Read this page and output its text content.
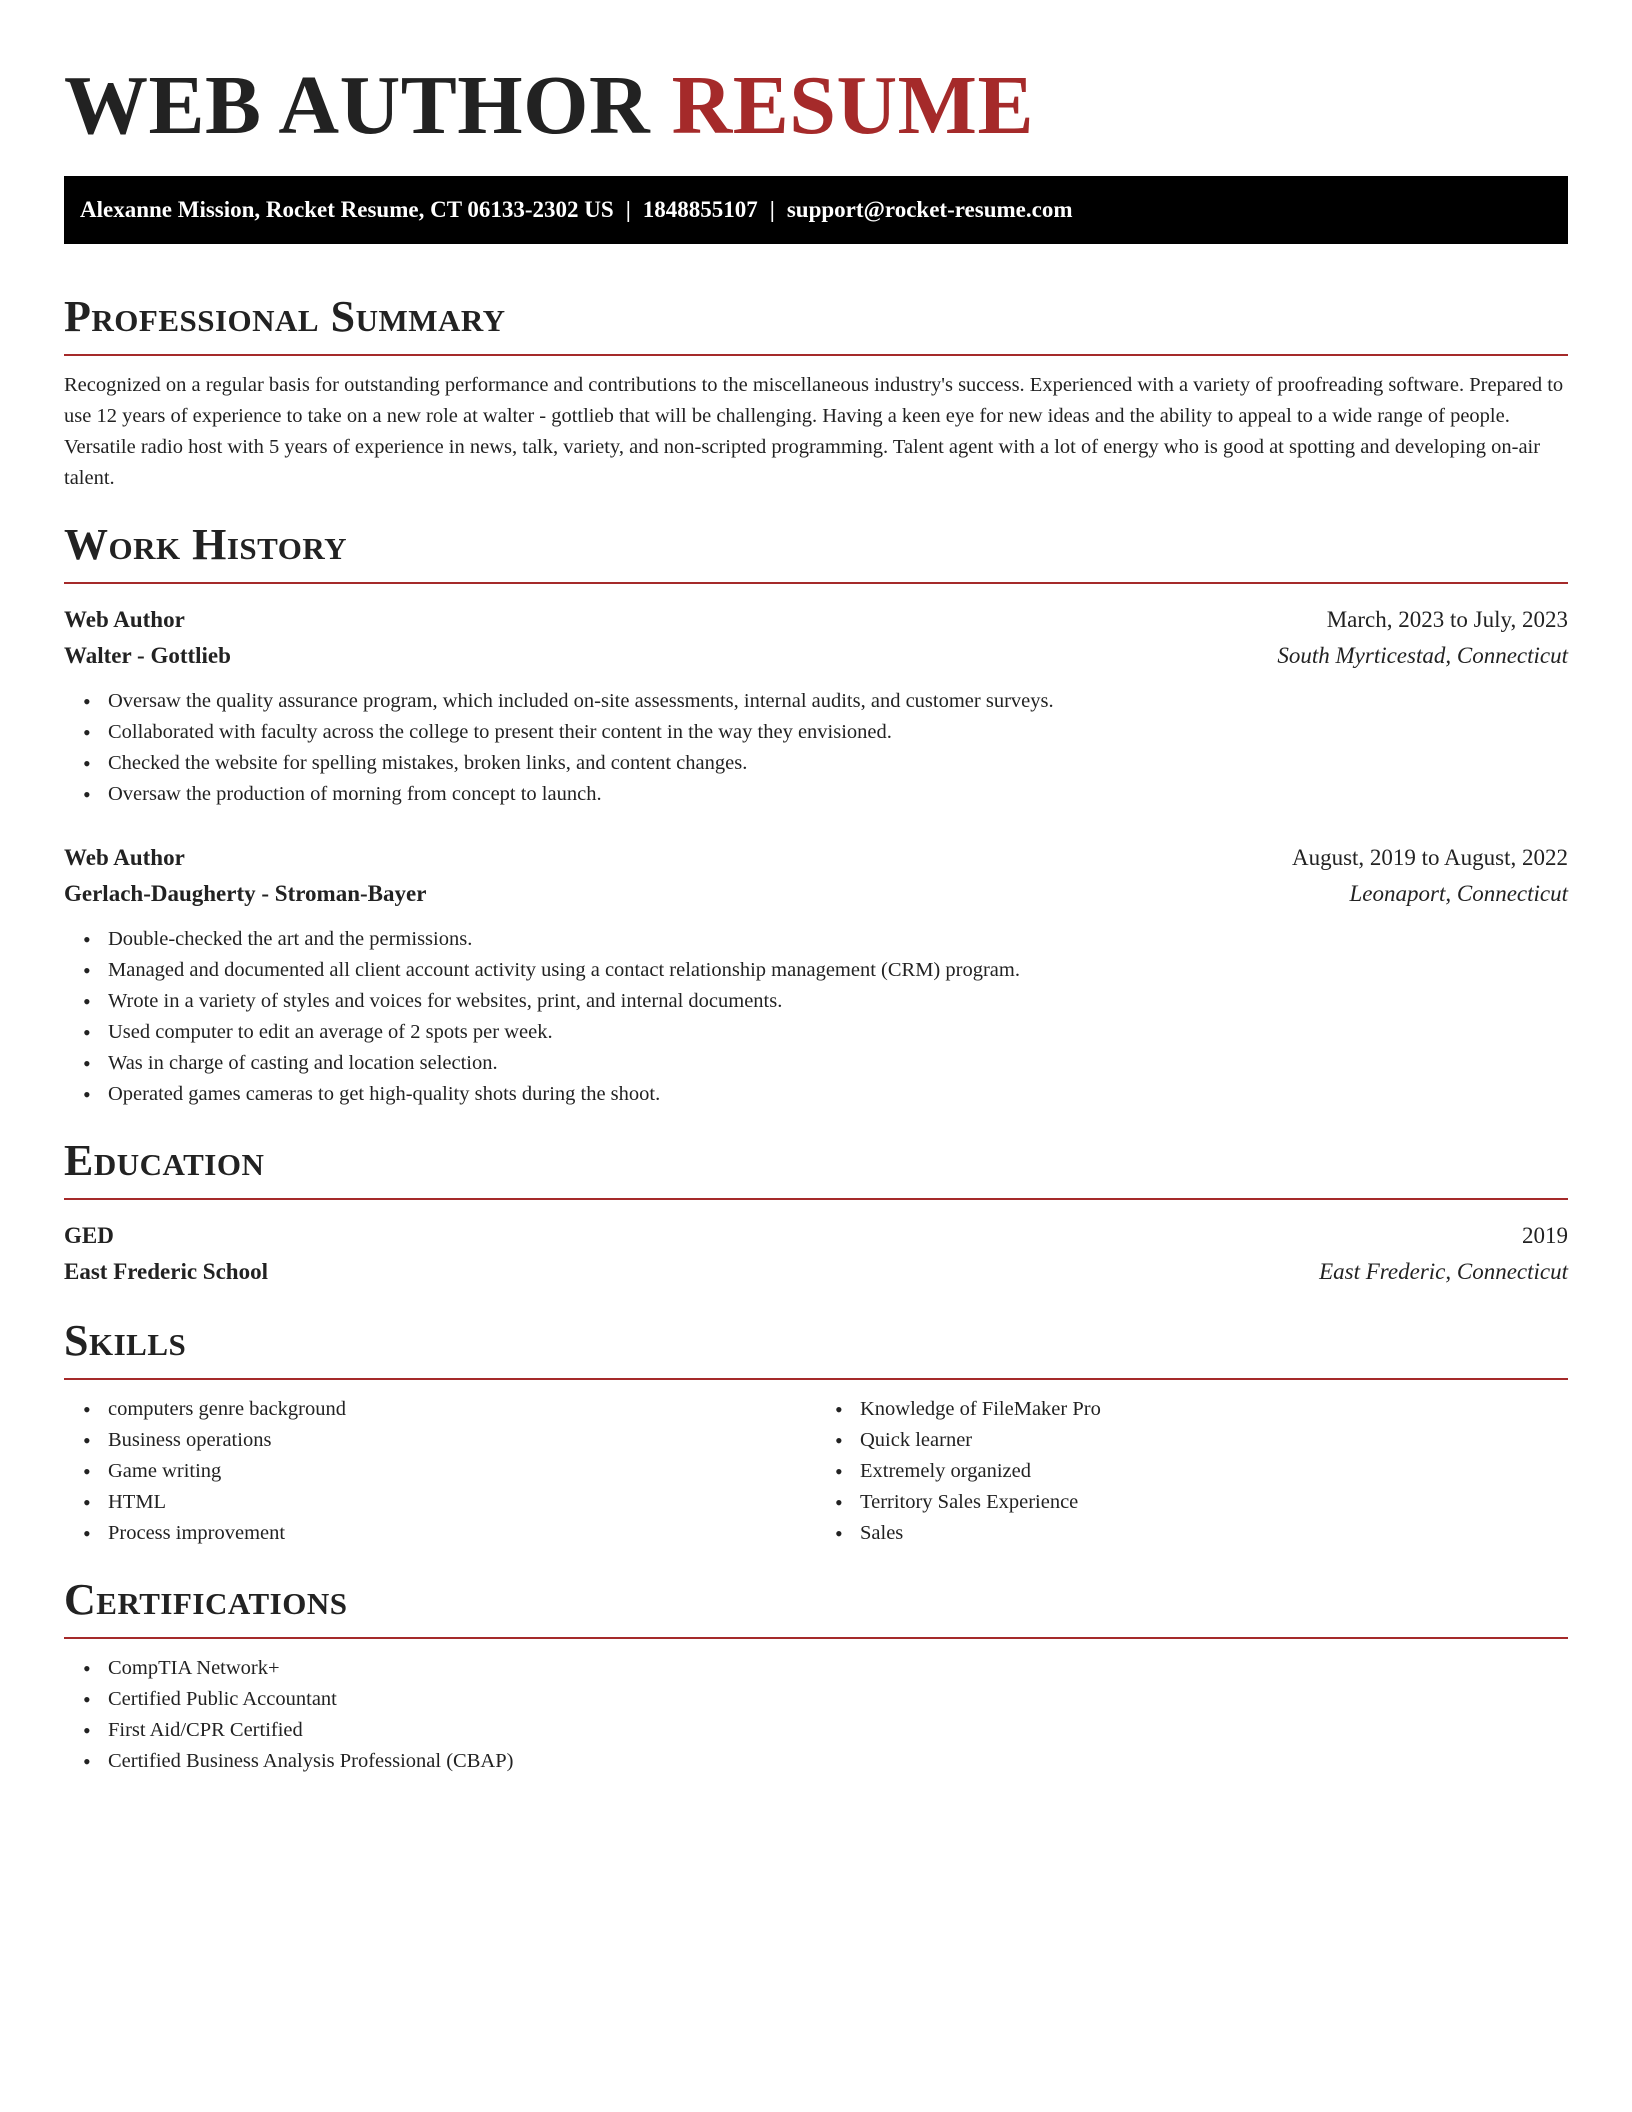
WEB AUTHOR RESUME
Alexanne Mission, Rocket Resume, CT 06133-2302 US | 1848855107 | support@rocket-resume.com
Professional Summary

Recognized on a regular basis for outstanding performance and contributions to the miscellaneous industry's success. Experienced with a variety of proofreading software. Prepared to use 12 years of experience to take on a new role at walter - gottlieb that will be challenging. Having a keen eye for new ideas and the ability to appeal to a wide range of people. Versatile radio host with 5 years of experience in news, talk, variety, and non-scripted programming. Talent agent with a lot of energy who is good at spotting and developing on-air talent.

Work History
Web Author	March, 2023 to July, 2023
Walter - Gottlieb	South Myrticestad, Connecticut
• Oversaw the quality assurance program, which included on-site assessments, internal audits, and customer surveys.
• Collaborated with faculty across the college to present their content in the way they envisioned.
• Checked the website for spelling mistakes, broken links, and content changes.
• Oversaw the production of morning from concept to launch.
Web Author	August, 2019 to August, 2022
Gerlach-Daugherty - Stroman-Bayer	Leonaport, Connecticut
• Double-checked the art and the permissions.
• Managed and documented all client account activity using a contact relationship management (CRM) program.
• Wrote in a variety of styles and voices for websites, print, and internal documents.
• Used computer to edit an average of 2 spots per week.
• Was in charge of casting and location selection.
• Operated games cameras to get high-quality shots during the shoot.
Education
GED	2019
East Frederic School	East Frederic, Connecticut
Skills
• computers genre background
• Business operations
• Game writing
• HTML
• Process improvement
• Knowledge of FileMaker Pro
• Quick learner
• Extremely organized
• Territory Sales Experience
• Sales
Certifications
• CompTIA Network+
• Certified Public Accountant
• First Aid/CPR Certified
• Certified Business Analysis Professional (CBAP)
